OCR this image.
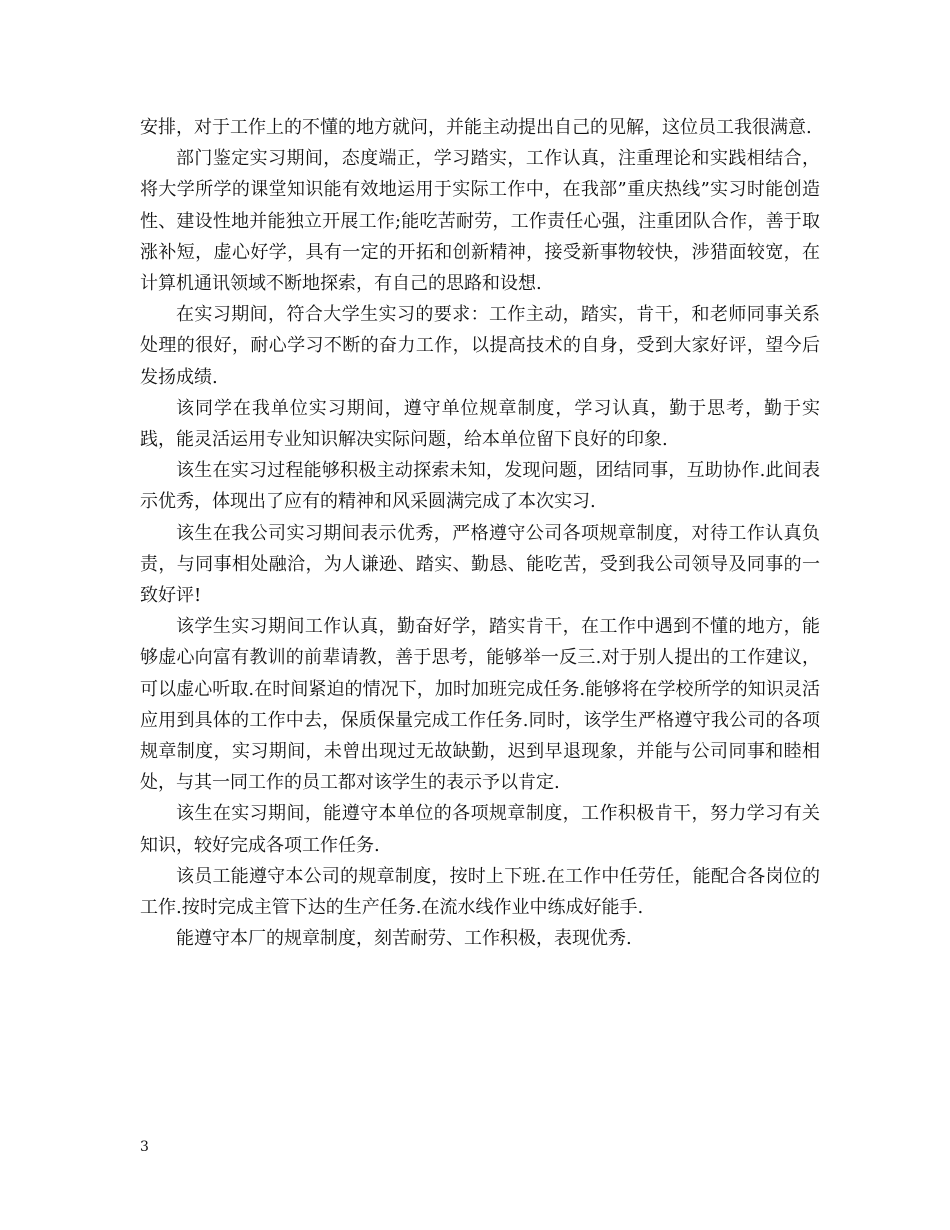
安排，对于工作上的不懂的地方就问，并能主动提出自己的见解，这位员工我很满意.

部门鉴定实习期间，态度端正，学习踏实，工作认真，注重理论和实践相结合，将大学所学的课堂知识能有效地运用于实际工作中，在我部”重庆热线”实习时能创造性、建设性地并能独立开展工作;能吃苦耐劳，工作责任心强，注重团队合作，善于取涨补短，虚心好学，具有一定的开拓和创新精神，接受新事物较快，涉猎面较宽，在计算机通讯领域不断地探索，有自己的思路和设想.

在实习期间，符合大学生实习的要求：工作主动，踏实，肯干，和老师同事关系处理的很好，耐心学习不断的奋力工作，以提高技术的自身，受到大家好评，望今后发扬成绩.

该同学在我单位实习期间，遵守单位规章制度，学习认真，勤于思考，勤于实践，能灵活运用专业知识解决实际问题，给本单位留下良好的印象.

该生在实习过程能够积极主动探索未知，发现问题，团结同事，互助协作.此间表示优秀，体现出了应有的精神和风采圆满完成了本次实习.

该生在我公司实习期间表示优秀，严格遵守公司各项规章制度，对待工作认真负责，与同事相处融洽，为人谦逊、踏实、勤恳、能吃苦，受到我公司领导及同事的一致好评!

该学生实习期间工作认真，勤奋好学，踏实肯干，在工作中遇到不懂的地方，能够虚心向富有教训的前辈请教，善于思考，能够举一反三.对于别人提出的工作建议，可以虚心听取.在时间紧迫的情况下，加时加班完成任务.能够将在学校所学的知识灵活应用到具体的工作中去，保质保量完成工作任务.同时，该学生严格遵守我公司的各项规章制度，实习期间，未曾出现过无故缺勤，迟到早退现象，并能与公司同事和睦相处，与其一同工作的员工都对该学生的表示予以肯定.

该生在实习期间，能遵守本单位的各项规章制度，工作积极肯干，努力学习有关知识，较好完成各项工作任务.

该员工能遵守本公司的规章制度，按时上下班.在工作中任劳任，能配合各岗位的工作.按时完成主管下达的生产任务.在流水线作业中练成好能手.

能遵守本厂的规章制度，刻苦耐劳、工作积极，表现优秀.

3
